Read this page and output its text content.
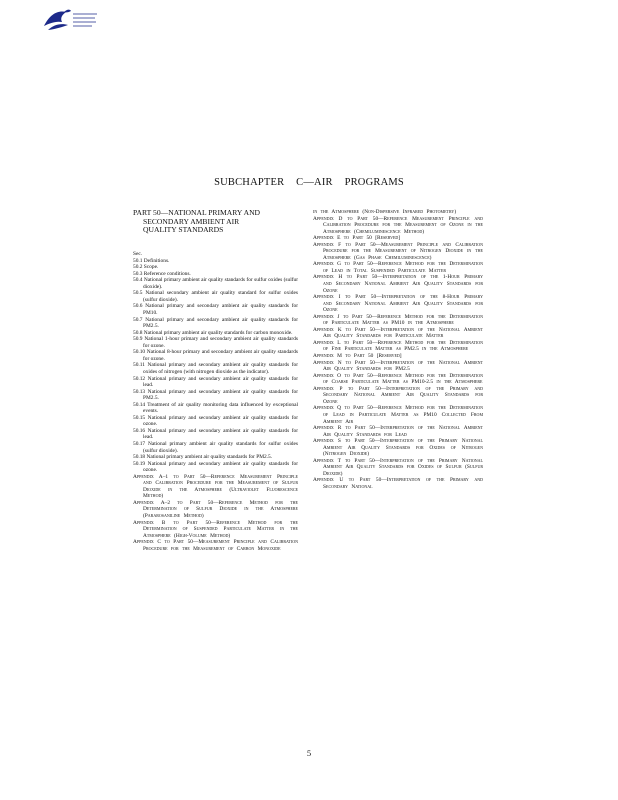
SUBCHAPTER C—AIR PROGRAMS
PART 50—NATIONAL PRIMARY AND
SECONDARY AMBIENT AIR
QUALITY STANDARDS
Sec.

50.1 Definitions.

50.2 Scope.

50.3 Reference conditions.

50.4 National primary ambient air quality standards for sulfur oxides (sulfur dioxide).

50.5 National secondary ambient air quality standard for sulfur oxides (sulfur dioxide).

50.6 National primary and secondary ambient air quality standards for PM10.

50.7 National primary and secondary ambient air quality standards for PM2.5.

50.8 National primary ambient air quality standards for carbon monoxide.

50.9 National 1-hour primary and secondary ambient air quality standards for ozone.

50.10 National 8-hour primary and secondary ambient air quality standards for ozone.

50.11 National primary and secondary ambient air quality standards for oxides of nitrogen (with nitrogen dioxide as the indicator).

50.12 National primary and secondary ambient air quality standards for lead.

50.13 National primary and secondary ambient air quality standards for PM2.5.

50.14 Treatment of air quality monitoring data influenced by exceptional events.

50.15 National primary and secondary ambient air quality standards for ozone.

50.16 National primary and secondary ambient air quality standards for lead.

50.17 National primary ambient air quality standards for sulfur oxides (sulfur dioxide).

50.18 National primary ambient air quality standards for PM2.5.

50.19 National primary and secondary ambient air quality standards for ozone.

Appendix A–1 to Part 50—Reference Measurement Principle and Calibration Procedure for the Measurement of Sulfur Dioxide in the Atmosphere (Ultraviolet Fluorescence Method)

Appendix A–2 to Part 50—Reference Method for the Determination of Sulfur Dioxide in the Atmosphere (Pararosaniline Method)

Appendix B to Part 50—Reference Method for the Determination of Suspended Particulate Matter in the Atmosphere (High-Volume Method)

Appendix C to Part 50—Measurement Principle and Calibration Procedure for the Measurement of Carbon Monoxide

in the Atmosphere (Non-Dispersive Infrared Photometry)

Appendix D to Part 50—Reference Measurement Principle and Calibration Procedure for the Measurement of Ozone in the Atmosphere (Chemiluminescence Method)

Appendix E to Part 50 [Reserved]

Appendix F to Part 50—Measurement Principle and Calibration Procedure for the Measurement of Nitrogen Dioxide in the Atmosphere (Gas Phase Chemiluminescence)

Appendix G to Part 50—Reference Method for the Determination of Lead in Total Suspended Particulate Matter

Appendix H to Part 50—Interpretation of the 1-Hour Primary and Secondary National Ambient Air Quality Standards for Ozone

Appendix I to Part 50—Interpretation of the 8-Hour Primary and Secondary National Ambient Air Quality Standards for Ozone

Appendix J to Part 50—Reference Method for the Determination of Particulate Matter as PM10 in the Atmosphere

Appendix K to Part 50—Interpretation of the National Ambient Air Quality Standards for Particulate Matter

Appendix L to Part 50—Reference Method for the Determination of Fine Particulate Matter as PM2.5 in the Atmosphere

Appendix M to Part 50 [Reserved]

Appendix N to Part 50—Interpretation of the National Ambient Air Quality Standards for PM2.5

Appendix O to Part 50—Reference Method for the Determination of Coarse Particulate Matter as PM10-2.5 in the Atmosphere

Appendix P to Part 50—Interpretation of the Primary and Secondary National Ambient Air Quality Standards for Ozone

Appendix Q to Part 50—Reference Method for the Determination of Lead in Particulate Matter as PM10 Collected From Ambient Air

Appendix R to Part 50—Interpretation of the National Ambient Air Quality Standards for Lead

Appendix S to Part 50—Interpretation of the Primary National Ambient Air Quality Standards for Oxides of Nitrogen (Nitrogen Dioxide)

Appendix T to Part 50—Interpretation of the Primary National Ambient Air Quality Standards for Oxides of Sulfur (Sulfur Dioxide)

Appendix U to Part 50—Interpretation of the Primary and Secondary National

5
